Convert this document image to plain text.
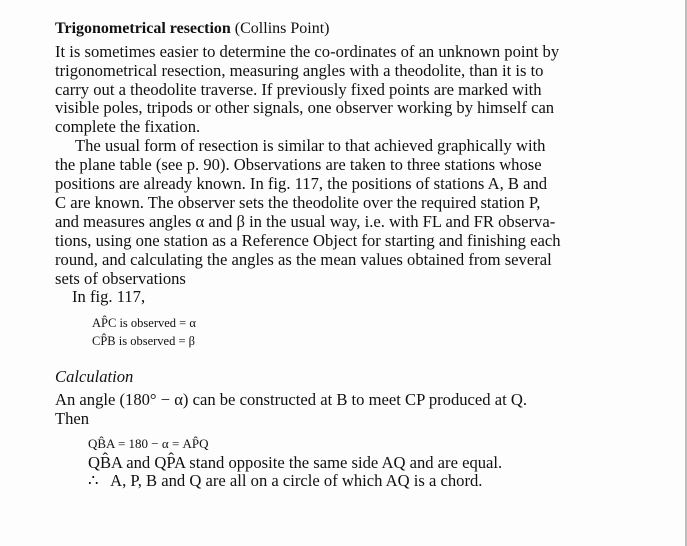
Trigonometrical resection (Collins Point)
It is sometimes easier to determine the co-ordinates of an unknown point by
trigonometrical resection, measuring angles with a theodolite, than it is to
carry out a theodolite traverse. If previously fixed points are marked with
visible poles, tripods or other signals, one observer working by himself can
complete the fixation.
The usual form of resection is similar to that achieved graphically with
the plane table (see p. 90). Observations are taken to three stations whose
positions are already known. In fig. 117, the positions of stations A, B and
C are known. The observer sets the theodolite over the required station P,
and measures angles α and β in the usual way, i.e. with FL and FR observa-
tions, using one station as a Reference Object for starting and finishing each
round, and calculating the angles as the mean values obtained from several
sets of observations
In fig. 117,
AP̂C is observed = α
CP̂B is observed = β
Calculation
An angle (180° − α) can be constructed at B to meet CP produced at Q.
Then
QB̂A = 180 − α = AP̂Q
QB̂A and QP̂A stand opposite the same side AQ and are equal.
∴   A, P, B and Q are all on a circle of which AQ is a chord.
